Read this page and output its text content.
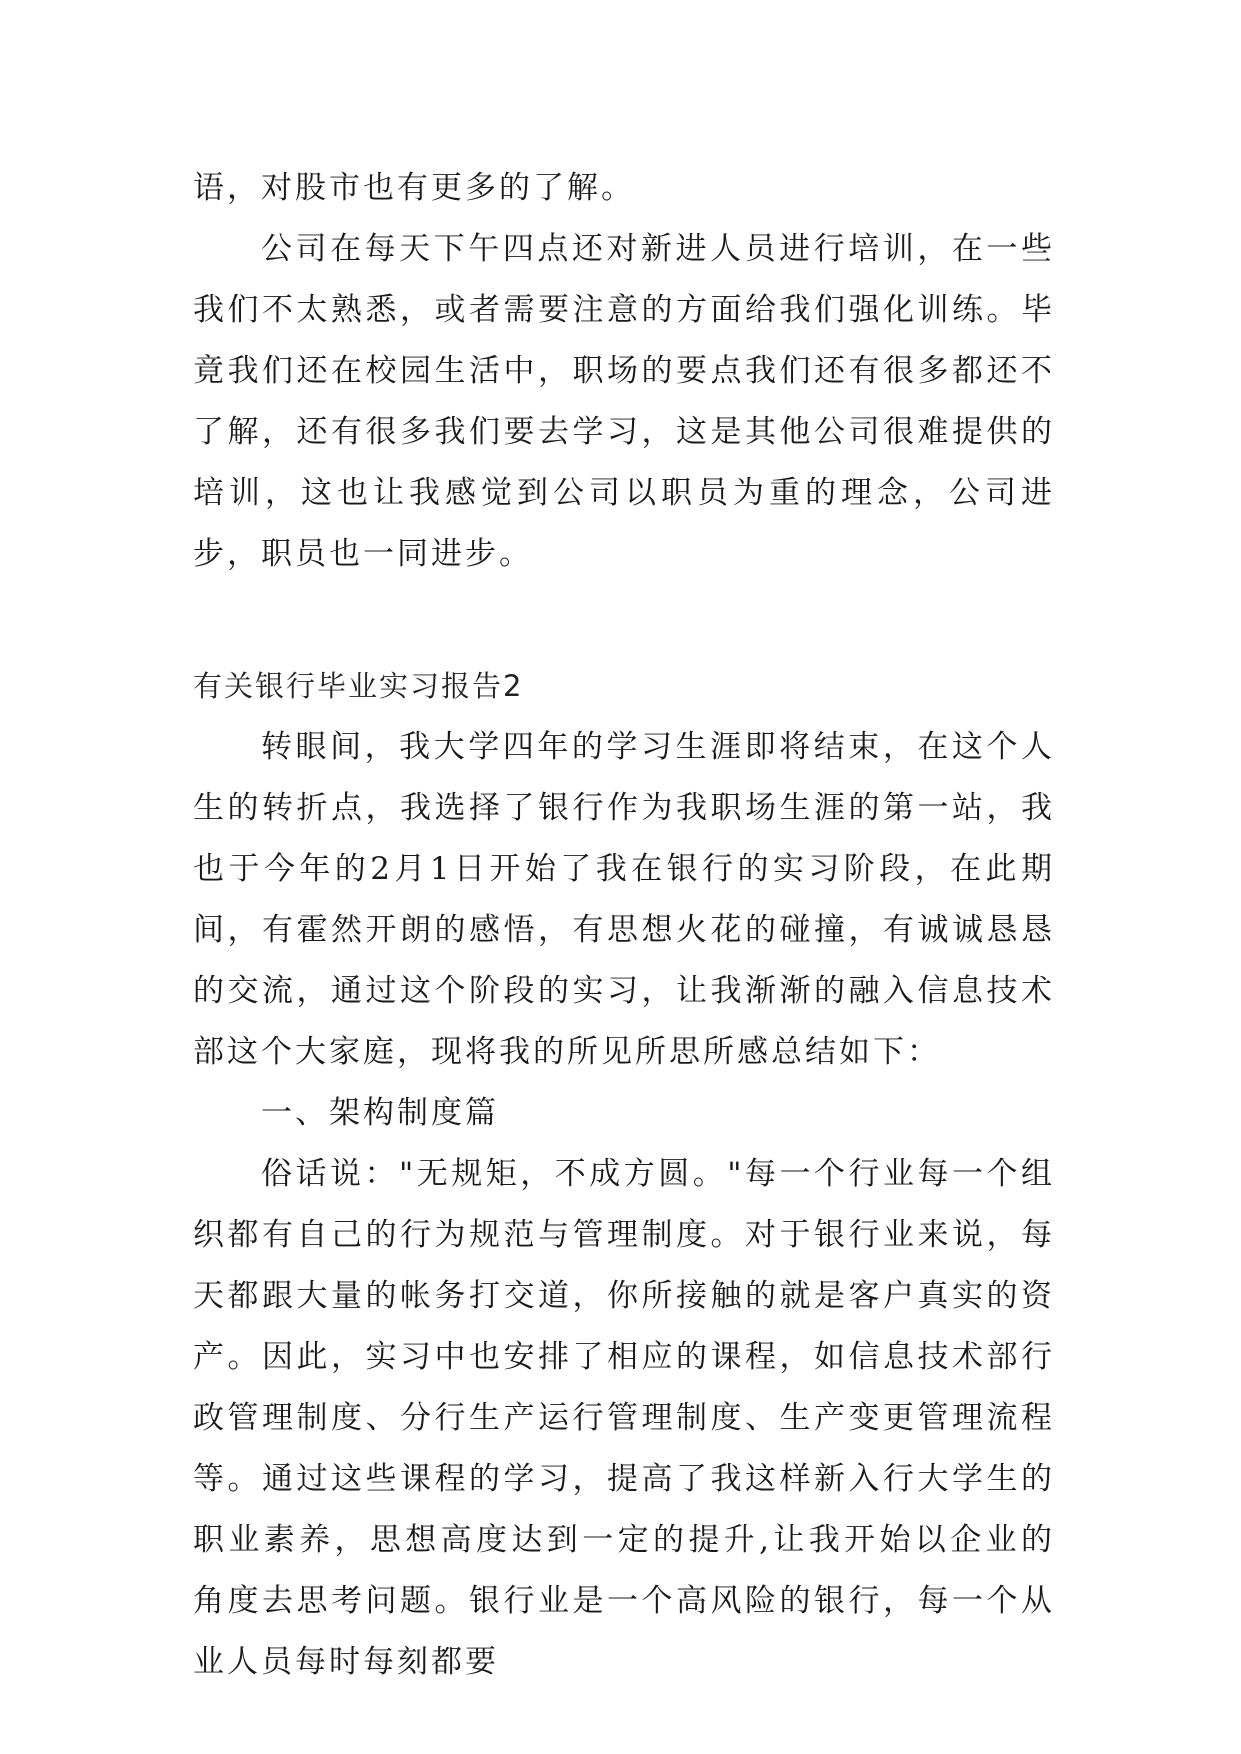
语，对股市也有更多的了解。

公司在每天下午四点还对新进人员进行培训，在一些我们不太熟悉，或者需要注意的方面给我们强化训练。毕竟我们还在校园生活中，职场的要点我们还有很多都还不了解，还有很多我们要去学习，这是其他公司很难提供的培训，这也让我感觉到公司以职员为重的理念，公司进步，职员也一同进步。

有关银行毕业实习报告2

转眼间，我大学四年的学习生涯即将结束，在这个人生的转折点，我选择了银行作为我职场生涯的第一站，我也于今年的2月1日开始了我在银行的实习阶段，在此期间，有霍然开朗的感悟，有思想火花的碰撞，有诚诚恳恳的交流，通过这个阶段的实习，让我渐渐的融入信息技术部这个大家庭，现将我的所见所思所感总结如下：

一、架构制度篇

俗话说："无规矩，不成方圆。"每一个行业每一个组织都有自己的行为规范与管理制度。对于银行业来说，每天都跟大量的帐务打交道，你所接触的就是客户真实的资产。因此，实习中也安排了相应的课程，如信息技术部行政管理制度、分行生产运行管理制度、生产变更管理流程等。通过这些课程的学习，提高了我这样新入行大学生的职业素养，思想高度达到一定的提升,让我开始以企业的角度去思考问题。银行业是一个高风险的银行，每一个从业人员每时每刻都要
